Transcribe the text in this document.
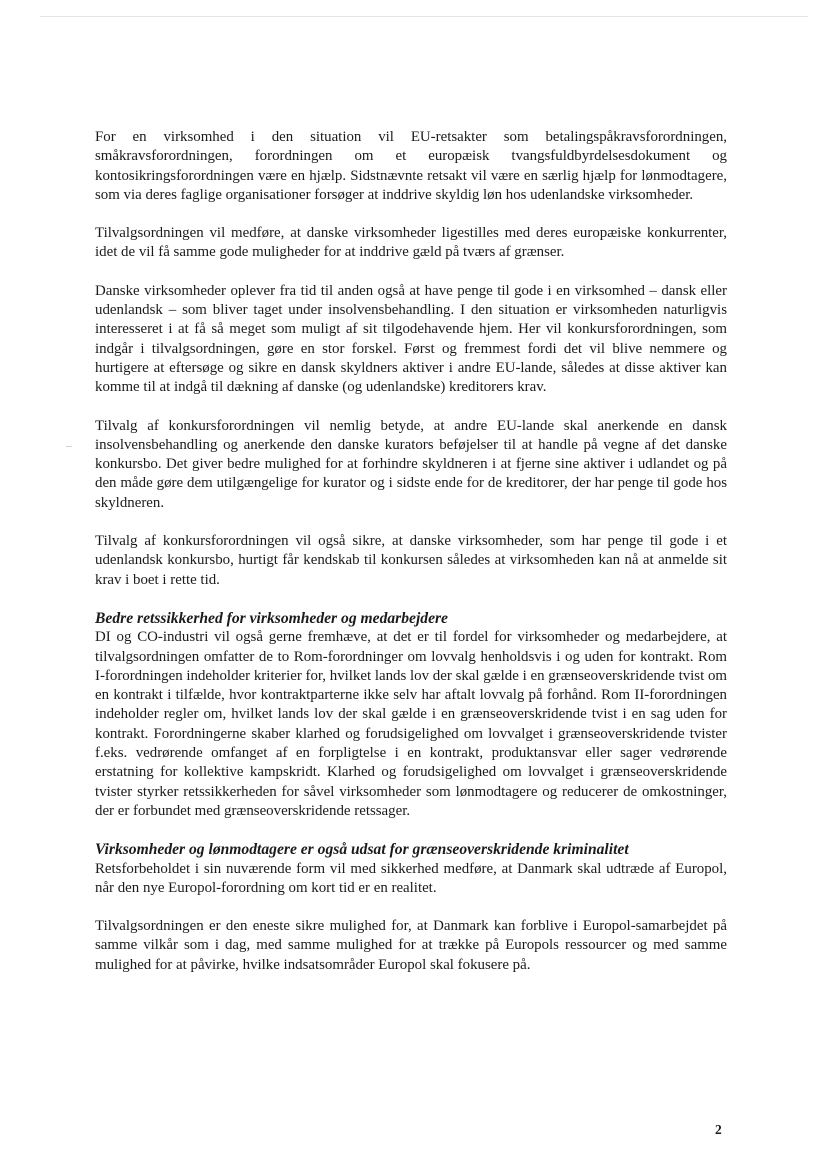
For en virksomhed i den situation vil EU-retsakter som betalingspåkravsforordningen, småkravsforordningen, forordningen om et europæisk tvangsfuldbyrdelsesdokument og kontosikringsforordningen være en hjælp. Sidstnævnte retsakt vil være en særlig hjælp for lønmodtagere, som via deres faglige organisationer forsøger at inddrive skyldig løn hos udenlandske virksomheder.

Tilvalgsordningen vil medføre, at danske virksomheder ligestilles med deres europæiske konkurrenter, idet de vil få samme gode muligheder for at inddrive gæld på tværs af grænser.

Danske virksomheder oplever fra tid til anden også at have penge til gode i en virksomhed – dansk eller udenlandsk – som bliver taget under insolvensbehandling. I den situation er virksomheden naturligvis interesseret i at få så meget som muligt af sit tilgodehavende hjem. Her vil konkursforordningen, som indgår i tilvalgsordningen, gøre en stor forskel. Først og fremmest fordi det vil blive nemmere og hurtigere at eftersøge og sikre en dansk skyldners aktiver i andre EU-lande, således at disse aktiver kan komme til at indgå til dækning af danske (og udenlandske) kreditorers krav.

Tilvalg af konkursforordningen vil nemlig betyde, at andre EU-lande skal anerkende en dansk insolvensbehandling og anerkende den danske kurators beføjelser til at handle på vegne af det danske konkursbo. Det giver bedre mulighed for at forhindre skyldneren i at fjerne sine aktiver i udlandet og på den måde gøre dem utilgængelige for kurator og i sidste ende for de kreditorer, der har penge til gode hos skyldneren.

Tilvalg af konkursforordningen vil også sikre, at danske virksomheder, som har penge til gode i et udenlandsk konkursbo, hurtigt får kendskab til konkursen således at virksomheden kan nå at anmelde sit krav i boet i rette tid.

Bedre retssikkerhed for virksomheder og medarbejdere

DI og CO-industri vil også gerne fremhæve, at det er til fordel for virksomheder og medarbejdere, at tilvalgsordningen omfatter de to Rom-forordninger om lovvalg henholdsvis i og uden for kontrakt. Rom I-forordningen indeholder kriterier for, hvilket lands lov der skal gælde i en grænseoverskridende tvist om en kontrakt i tilfælde, hvor kontraktparterne ikke selv har aftalt lovvalg på forhånd. Rom II-forordningen indeholder regler om, hvilket lands lov der skal gælde i en grænseoverskridende tvist i en sag uden for kontrakt. Forordningerne skaber klarhed og forudsigelighed om lovvalget i grænseoverskridende tvister f.eks. vedrørende omfanget af en forpligtelse i en kontrakt, produktansvar eller sager vedrørende erstatning for kollektive kampskridt. Klarhed og forudsigelighed om lovvalget i grænseoverskridende tvister styrker retssikkerheden for såvel virksomheder som lønmodtagere og reducerer de omkostninger, der er forbundet med grænseoverskridende retssager.

Virksomheder og lønmodtagere er også udsat for grænseoverskridende kriminalitet

Retsforbeholdet i sin nuværende form vil med sikkerhed medføre, at Danmark skal udtræde af Europol, når den nye Europol-forordning om kort tid er en realitet.

Tilvalgsordningen er den eneste sikre mulighed for, at Danmark kan forblive i Europol-samarbejdet på samme vilkår som i dag, med samme mulighed for at trække på Europols ressourcer og med samme mulighed for at påvirke, hvilke indsatsområder Europol skal fokusere på.

2
